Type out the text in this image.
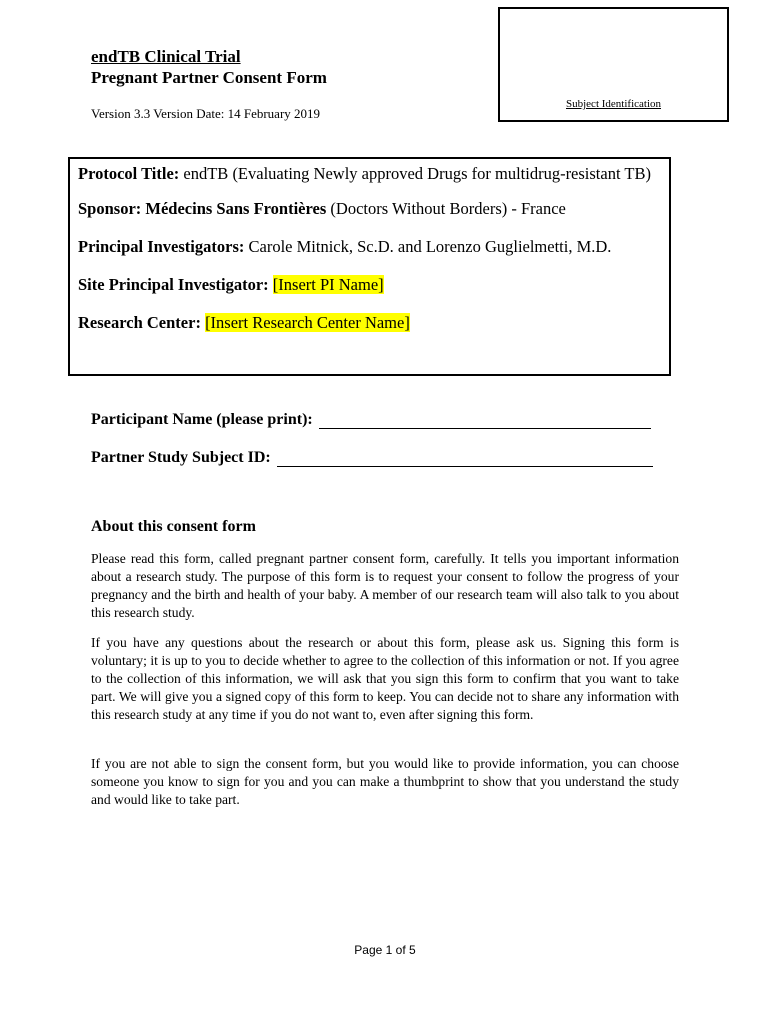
endTB Clinical Trial
Pregnant Partner Consent Form
Version 3.3 Version Date: 14 February 2019
Subject Identification

Protocol Title: endTB (Evaluating Newly approved Drugs for multidrug-resistant TB)

Sponsor: Médecins Sans Frontières (Doctors Without Borders) - France

Principal Investigators: Carole Mitnick, Sc.D. and Lorenzo Guglielmetti, M.D.

Site Principal Investigator: [Insert PI Name]

Research Center: [Insert Research Center Name]

Participant Name (please print):
Partner Study Subject ID:
About this consent form

Please read this form, called pregnant partner consent form, carefully. It tells you important information about a research study. The purpose of this form is to request your consent to follow the progress of your pregnancy and the birth and health of your baby. A member of our research team will also talk to you about this research study.

If you have any questions about the research or about this form, please ask us. Signing this form is voluntary; it is up to you to decide whether to agree to the collection of this information or not. If you agree to the collection of this information, we will ask that you sign this form to confirm that you want to take part. We will give you a signed copy of this form to keep. You can decide not to share any information with this research study at any time if you do not want to, even after signing this form.

If you are not able to sign the consent form, but you would like to provide information, you can choose someone you know to sign for you and you can make a thumbprint to show that you understand the study and would like to take part.

Page 1 of 5
